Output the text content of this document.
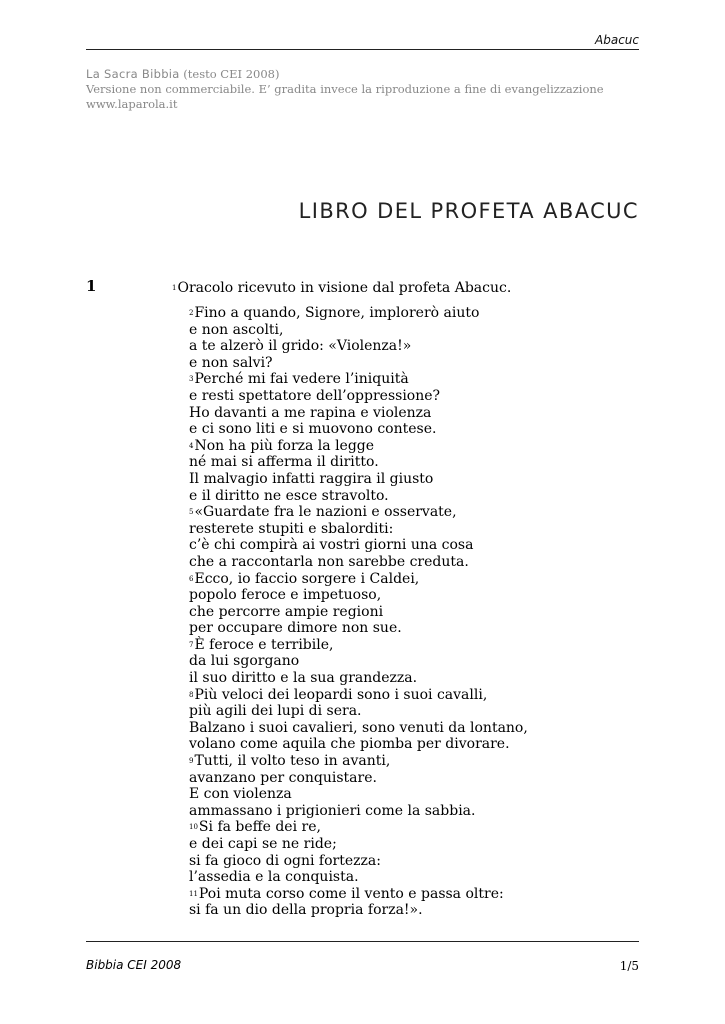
Abacuc
La Sacra Bibbia (testo CEI 2008)
Versione non commerciabile. E’ gradita invece la riproduzione a fine di evangelizzazione
www.laparola.it
LIBRO DEL PROFETA ABACUC
1	$^1$Oracolo ricevuto in visione dal profeta Abacuc.
$^2$Fino a quando, Signore, implorerò aiuto
e non ascolti,
a te alzerò il grido: «Violenza!»
e non salvi?
$^3$Perché mi fai vedere l’iniquità
e resti spettatore dell’oppressione?
Ho davanti a me rapina e violenza
e ci sono liti e si muovono contese.
$^4$Non ha più forza la legge
né mai si afferma il diritto.
Il malvagio infatti raggira il giusto
e il diritto ne esce stravolto.
$^5$«Guardate fra le nazioni e osservate,
resterete stupiti e sbalorditi:
c’è chi compirà ai vostri giorni una cosa
che a raccontarla non sarebbe creduta.
$^6$Ecco, io faccio sorgere i Caldei,
popolo feroce e impetuoso,
che percorre ampie regioni
per occupare dimore non sue.
$^7$È feroce e terribile,
da lui sgorgano
il suo diritto e la sua grandezza.
$^8$Più veloci dei leopardi sono i suoi cavalli,
più agili dei lupi di sera.
Balzano i suoi cavalieri, sono venuti da lontano,
volano come aquila che piomba per divorare.
$^9$Tutti, il volto teso in avanti,
avanzano per conquistare.
E con violenza
ammassano i prigionieri come la sabbia.
$^{10}$Si fa beffe dei re,
e dei capi se ne ride;
si fa gioco di ogni fortezza:
l’assedia e la conquista.
$^{11}$Poi muta corso come il vento e passa oltre:
si fa un dio della propria forza!».
Bibbia CEI 2008	1/5
